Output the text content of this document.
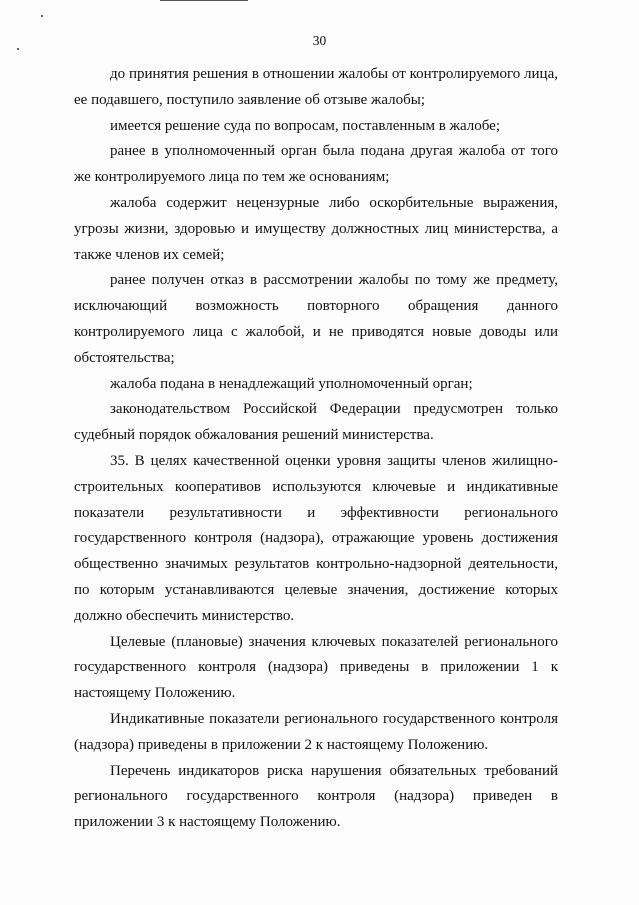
30

до принятия решения в отношении жалобы от контролируемого лица, ее подавшего, поступило заявление об отзыве жалобы;

имеется решение суда по вопросам, поставленным в жалобе;

ранее в уполномоченный орган была подана другая жалоба от того же контролируемого лица по тем же основаниям;

жалоба содержит нецензурные либо оскорбительные выражения, угрозы жизни, здоровью и имуществу должностных лиц министерства, а также членов их семей;

ранее получен отказ в рассмотрении жалобы по тому же предмету, исключающий возможность повторного обращения данного контролируемого лица с жалобой, и не приводятся новые доводы или обстоятельства;

жалоба подана в ненадлежащий уполномоченный орган;

законодательством Российской Федерации предусмотрен только судебный порядок обжалования решений министерства.

35. В целях качественной оценки уровня защиты членов жилищно-строительных кооперативов используются ключевые и индикативные показатели результативности и эффективности регионального государственного контроля (надзора), отражающие уровень достижения общественно значимых результатов контрольно-надзорной деятельности, по которым устанавливаются целевые значения, достижение которых должно обеспечить министерство.

Целевые (плановые) значения ключевых показателей регионального государственного контроля (надзора) приведены в приложении 1 к настоящему Положению.

Индикативные показатели регионального государственного контроля (надзора) приведены в приложении 2 к настоящему Положению.

Перечень индикаторов риска нарушения обязательных требований регионального государственного контроля (надзора) приведен в приложении 3 к настоящему Положению.
